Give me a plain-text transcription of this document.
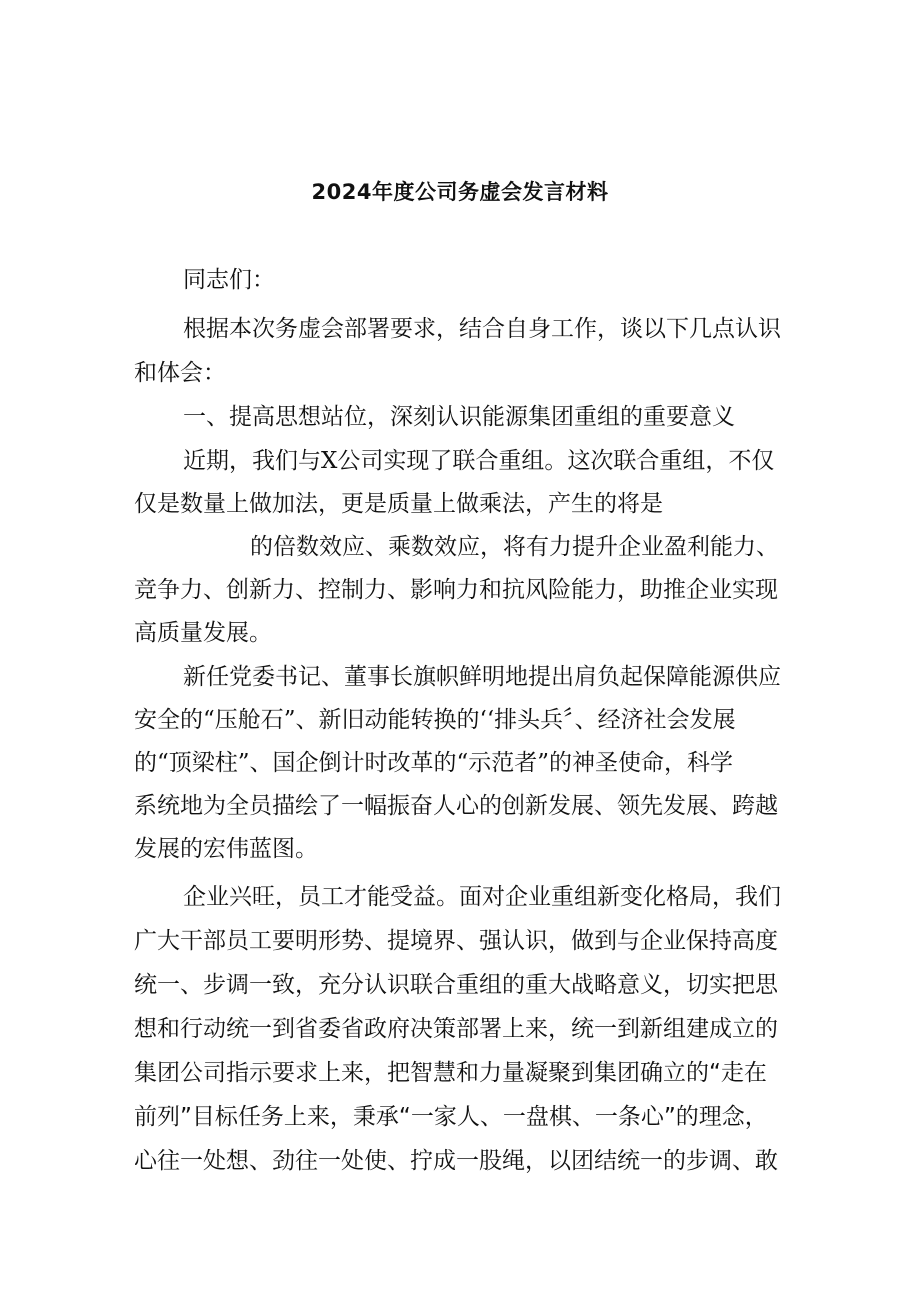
2024年度公司务虚会发言材料
同志们：
根据本次务虚会部署要求，结合自身工作，谈以下几点认识
和体会：
一、提高思想站位，深刻认识能源集团重组的重要意义
近期，我们与X公司实现了联合重组。这次联合重组，不仅
仅是数量上做加法，更是质量上做乘法，产生的将是
的倍数效应、乘数效应，将有力提升企业盈利能力、
竞争力、创新力、控制力、影响力和抗风险能力，助推企业实现
高质量发展。
新任党委书记、董事长旗帜鲜明地提出肩负起保障能源供应
安全的“压舱石”、新旧动能转换的‘‘排头兵〞、经济社会发展
的“顶梁柱”、国企倒计时改革的“示范者”的神圣使命，科学
系统地为全员描绘了一幅振奋人心的创新发展、领先发展、跨越
发展的宏伟蓝图。
企业兴旺，员工才能受益。面对企业重组新变化格局，我们
广大干部员工要明形势、提境界、强认识，做到与企业保持高度
统一、步调一致，充分认识联合重组的重大战略意义，切实把思
想和行动统一到省委省政府决策部署上来，统一到新组建成立的
集团公司指示要求上来，把智慧和力量凝聚到集团确立的“走在
前列”目标任务上来，秉承“一家人、一盘棋、一条心”的理念，
心往一处想、劲往一处使、拧成一股绳，以团结统一的步调、敢
